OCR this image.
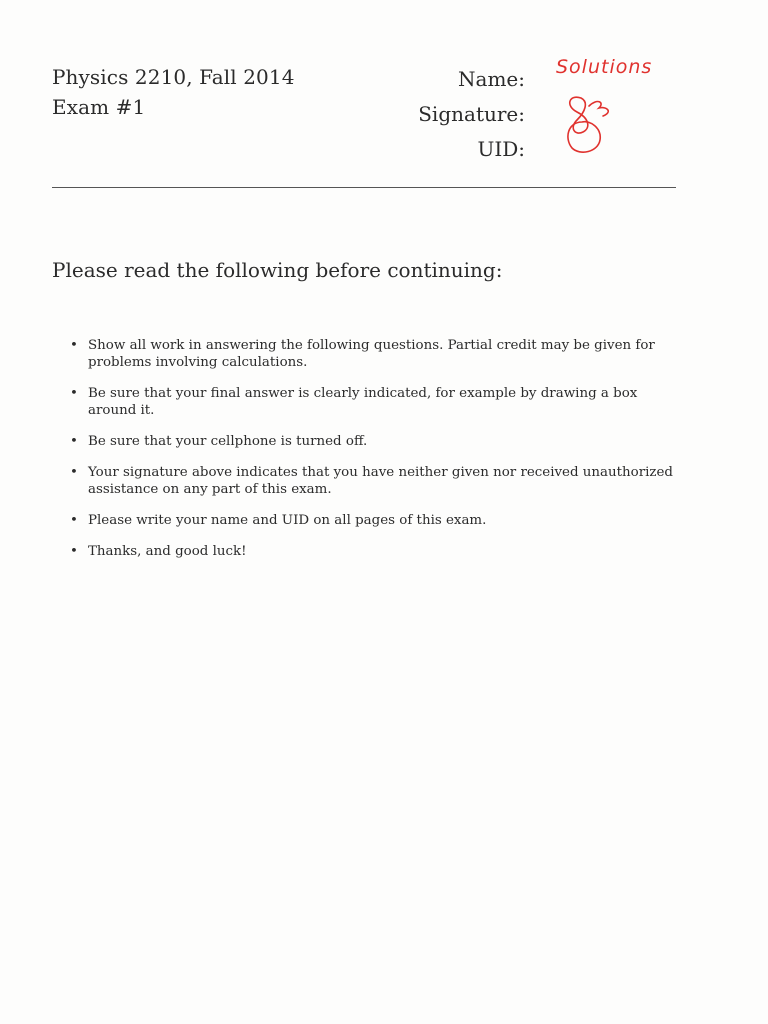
Physics 2210, Fall 2014
Exam #1
Name:
Signature:
UID:
Solutions
Please read the following before continuing:
• Show all work in answering the following questions. Partial credit may be given for problems involving calculations.
• Be sure that your final answer is clearly indicated, for example by drawing a box around it.
• Be sure that your cellphone is turned off.
• Your signature above indicates that you have neither given nor received unauthorized assistance on any part of this exam.
• Please write your name and UID on all pages of this exam.
• Thanks, and good luck!
